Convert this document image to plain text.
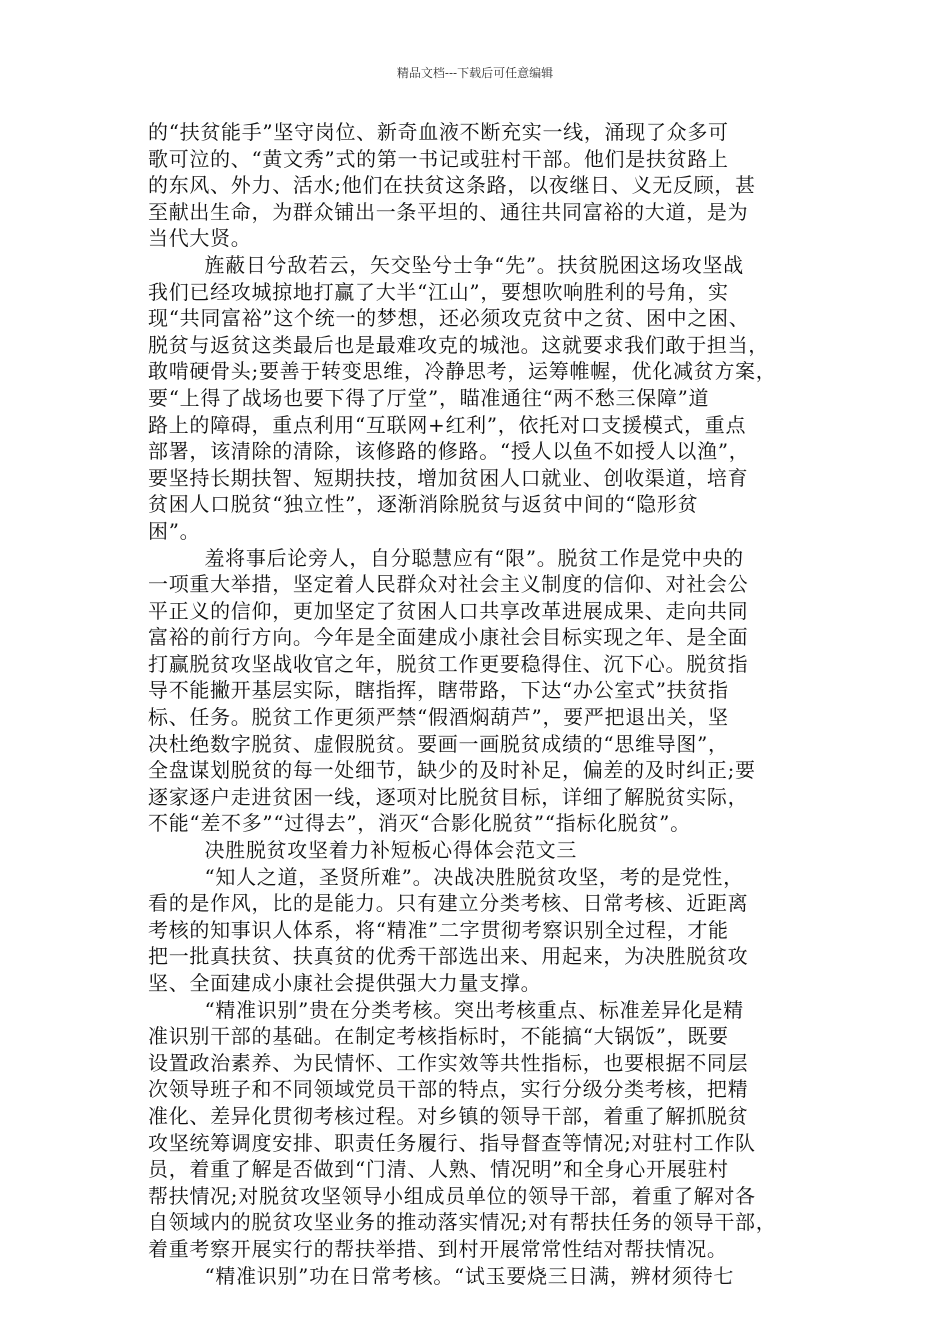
精品文档---下载后可任意编辑
的“扶贫能手”坚守岗位、新奇血液不断充实一线，涌现了众多可
歌可泣的、“黄文秀”式的第一书记或驻村干部。他们是扶贫路上
的东风、外力、活水;他们在扶贫这条路，以夜继日、义无反顾，甚
至献出生命，为群众铺出一条平坦的、通往共同富裕的大道，是为
当代大贤。
旌蔽日兮敌若云，矢交坠兮士争“先”。扶贫脱困这场攻坚战
我们已经攻城掠地打赢了大半“江山”，要想吹响胜利的号角，实
现“共同富裕”这个统一的梦想，还必须攻克贫中之贫、困中之困、
脱贫与返贫这类最后也是最难攻克的城池。这就要求我们敢于担当，
敢啃硬骨头;要善于转变思维，冷静思考，运筹帷幄，优化减贫方案，
要“上得了战场也要下得了厅堂”，瞄准通往“两不愁三保障”道
路上的障碍，重点利用“互联网+红利”，依托对口支援模式，重点
部署，该清除的清除，该修路的修路。“授人以鱼不如授人以渔”，
要坚持长期扶智、短期扶技，增加贫困人口就业、创收渠道，培育
贫困人口脱贫“独立性”，逐渐消除脱贫与返贫中间的“隐形贫
困”。
羞将事后论旁人，自分聪慧应有“限”。脱贫工作是党中央的
一项重大举措，坚定着人民群众对社会主义制度的信仰、对社会公
平正义的信仰，更加坚定了贫困人口共享改革进展成果、走向共同
富裕的前行方向。今年是全面建成小康社会目标实现之年、是全面
打赢脱贫攻坚战收官之年，脱贫工作更要稳得住、沉下心。脱贫指
导不能撇开基层实际，瞎指挥，瞎带路，下达“办公室式”扶贫指
标、任务。脱贫工作更须严禁“假酒焖葫芦”，要严把退出关，坚
决杜绝数字脱贫、虚假脱贫。要画一画脱贫成绩的“思维导图”，
全盘谋划脱贫的每一处细节，缺少的及时补足，偏差的及时纠正;要
逐家逐户走进贫困一线，逐项对比脱贫目标，详细了解脱贫实际，
不能“差不多”“过得去”，消灭“合影化脱贫”“指标化脱贫”。
决胜脱贫攻坚着力补短板心得体会范文三
“知人之道，圣贤所难”。决战决胜脱贫攻坚，考的是党性，
看的是作风，比的是能力。只有建立分类考核、日常考核、近距离
考核的知事识人体系，将“精准”二字贯彻考察识别全过程，才能
把一批真扶贫、扶真贫的优秀干部选出来、用起来，为决胜脱贫攻
坚、全面建成小康社会提供强大力量支撑。
“精准识别”贵在分类考核。突出考核重点、标准差异化是精
准识别干部的基础。在制定考核指标时，不能搞“大锅饭”，既要
设置政治素养、为民情怀、工作实效等共性指标，也要根据不同层
次领导班子和不同领域党员干部的特点，实行分级分类考核，把精
准化、差异化贯彻考核过程。对乡镇的领导干部，着重了解抓脱贫
攻坚统筹调度安排、职责任务履行、指导督查等情况;对驻村工作队
员，着重了解是否做到“门清、人熟、情况明”和全身心开展驻村
帮扶情况;对脱贫攻坚领导小组成员单位的领导干部，着重了解对各
自领域内的脱贫攻坚业务的推动落实情况;对有帮扶任务的领导干部，
着重考察开展实行的帮扶举措、到村开展常常性结对帮扶情况。
“精准识别”功在日常考核。“试玉要烧三日满，辨材须待七
